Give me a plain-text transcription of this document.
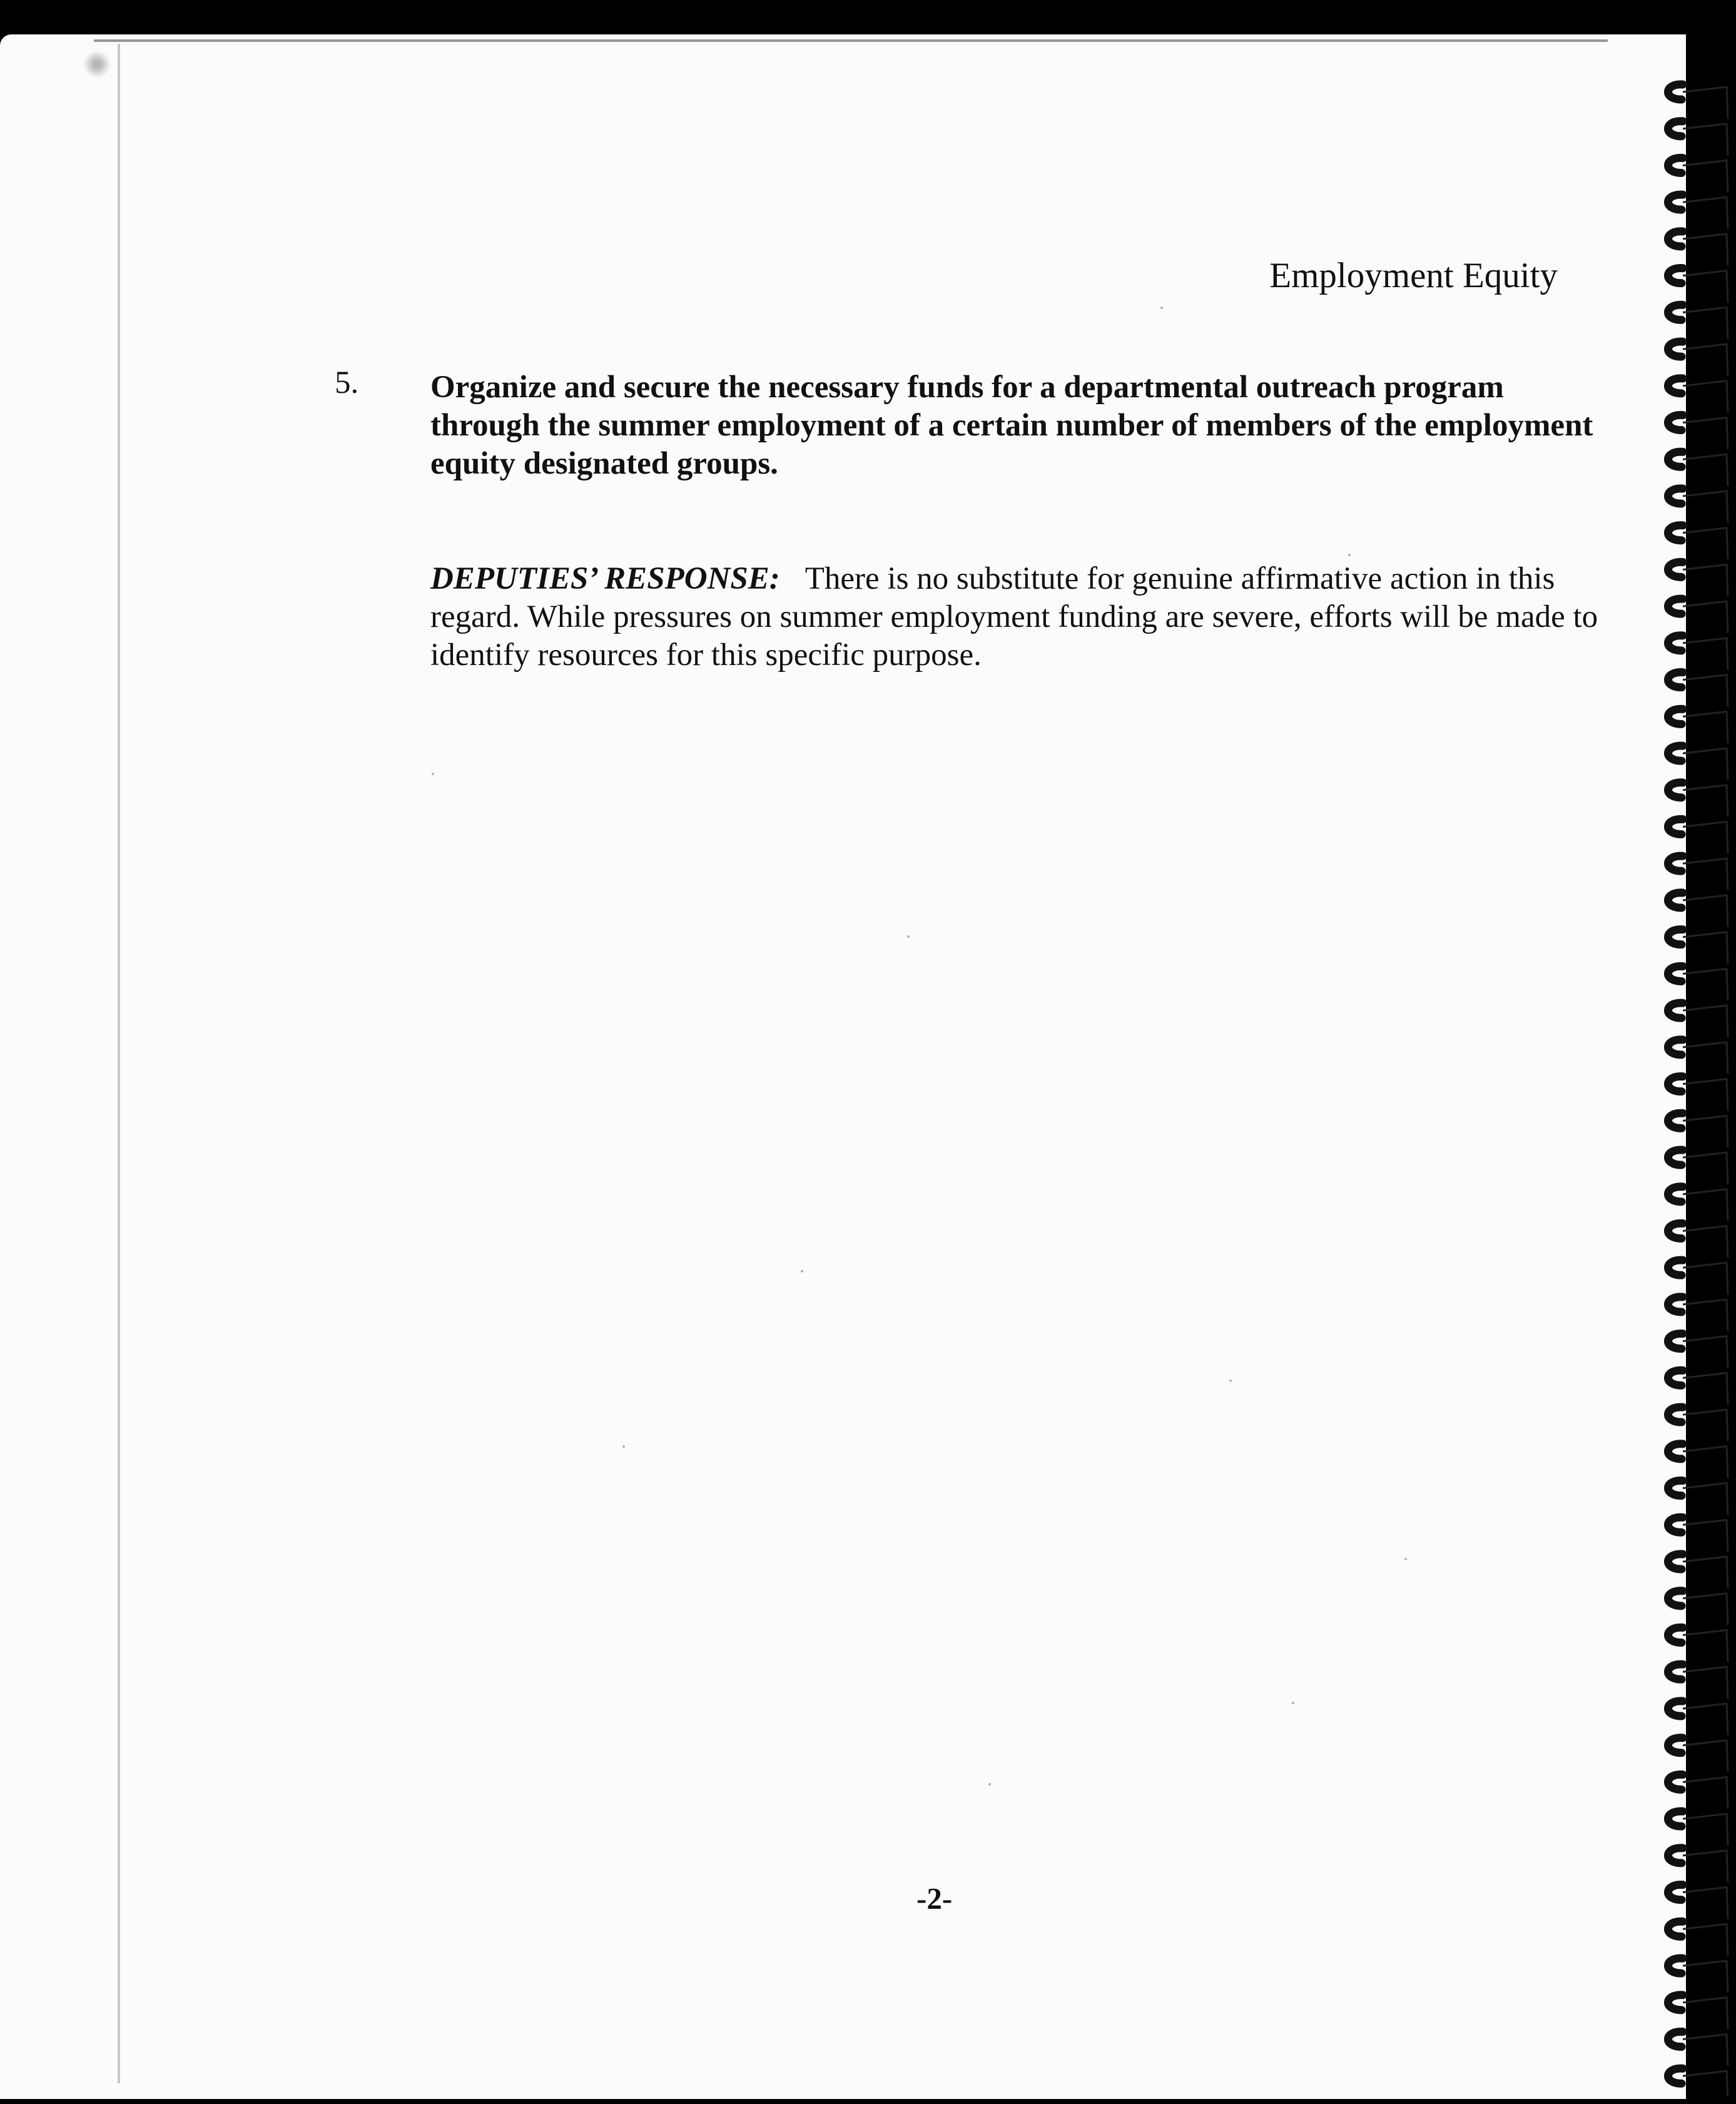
Employment Equity
5. Organize and secure the necessary funds for a departmental outreach program through the summer employment of a certain number of members of the employment equity designated groups.
DEPUTIES’ RESPONSE: There is no substitute for genuine affirmative action in this regard. While pressures on summer employment funding are severe, efforts will be made to identify resources for this specific purpose.
-2-
